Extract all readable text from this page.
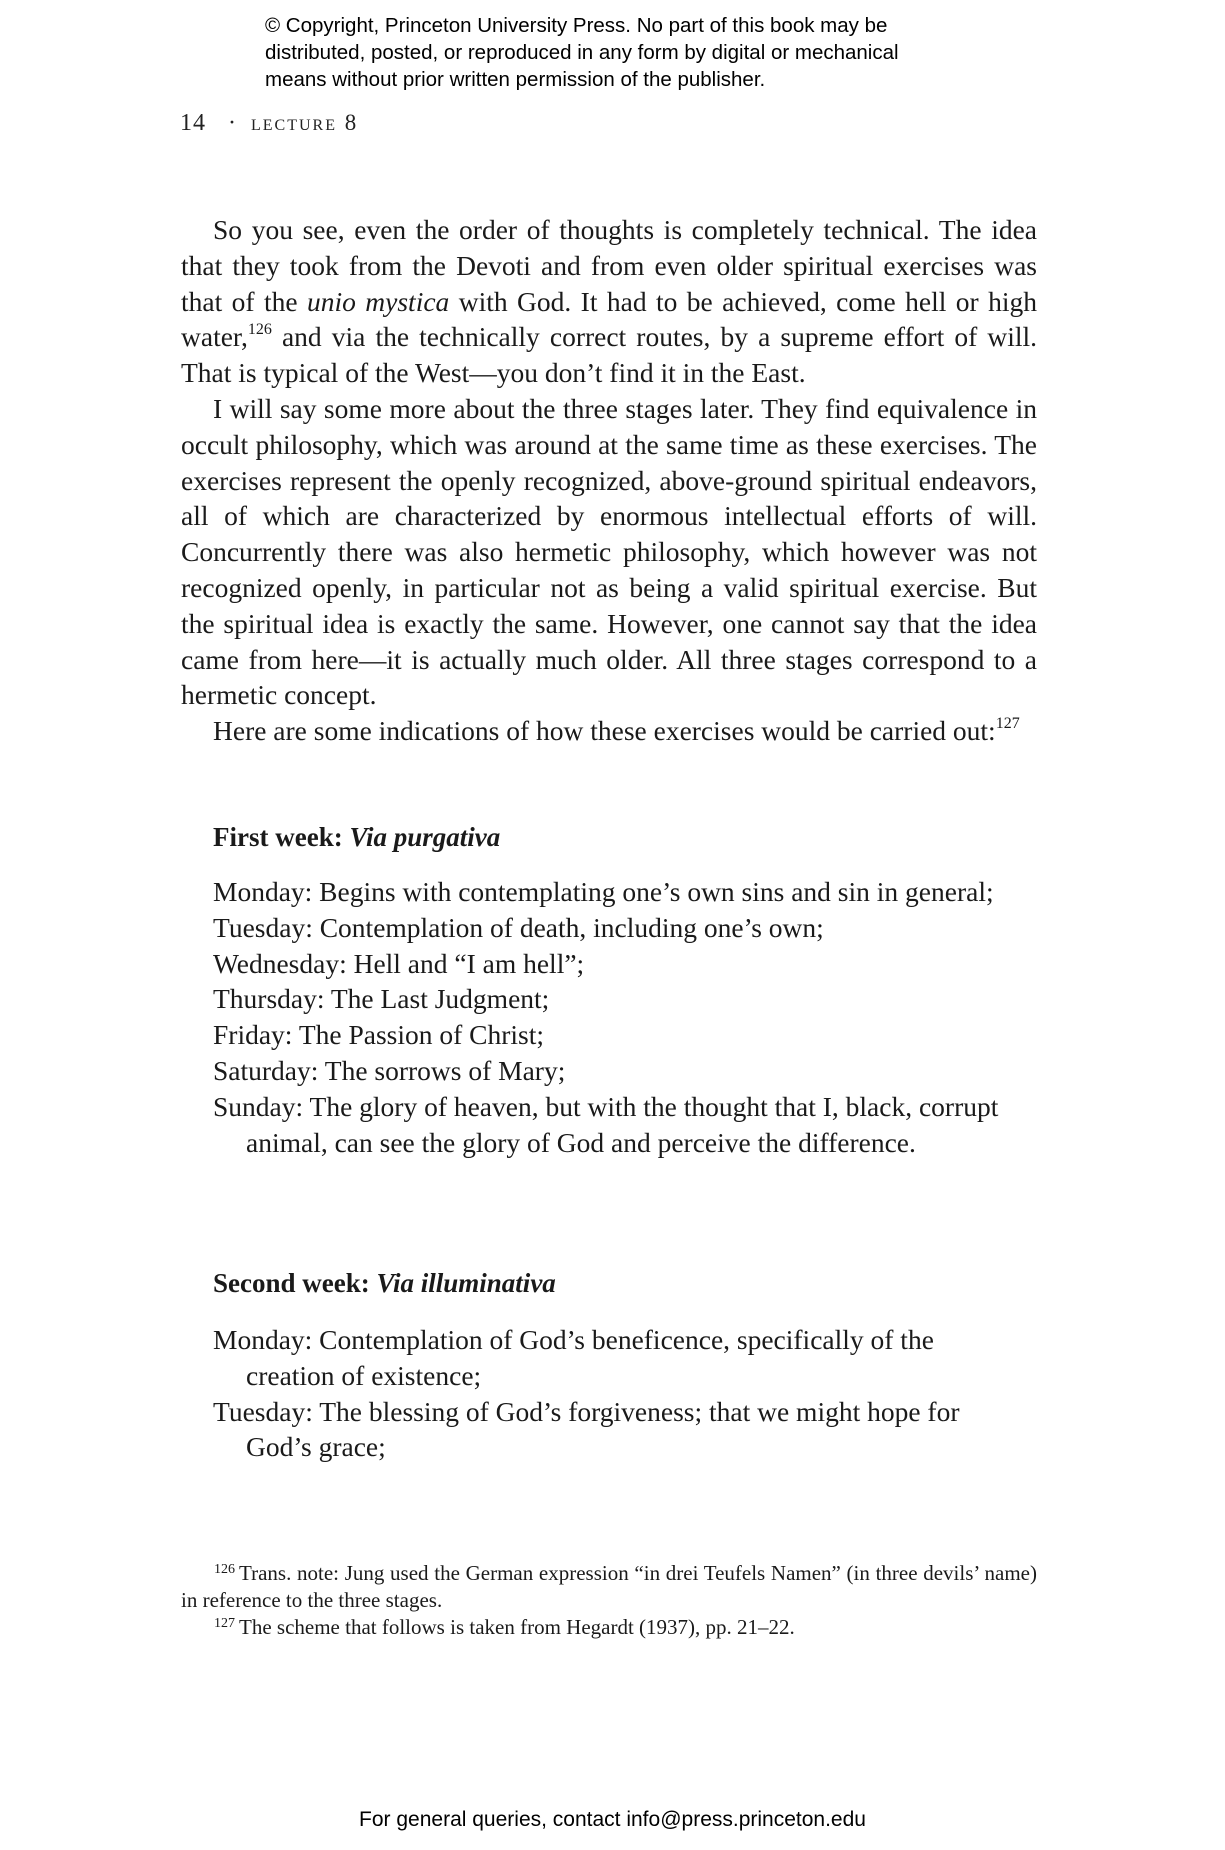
© Copyright, Princeton University Press. No part of this book may be
distributed, posted, or reproduced in any form by digital or mechanical
means without prior written permission of the publisher.
14 · lecture 8

So you see, even the order of thoughts is completely technical. The idea that they took from the Devoti and from even older spiritual exercises was that of the unio mystica with God. It had to be achieved, come hell or high water,$^{126}$ and via the technically correct routes, by a supreme effort of will. That is typical of the West—you don’t find it in the East.

I will say some more about the three stages later. They find equivalence in occult philosophy, which was around at the same time as these exercises. The exercises represent the openly recognized, above-ground spiritual endeavors, all of which are characterized by enormous intellectual efforts of will. Concurrently there was also hermetic philosophy, which however was not recognized openly, in particular not as being a valid spiritual exercise. But the spiritual idea is exactly the same. However, one cannot say that the idea came from here—it is actually much older. All three stages correspond to a hermetic concept.

Here are some indications of how these exercises would be carried out:$^{127}$

First week: Via purgativa
Monday: Begins with contemplating one’s own sins and sin in general;
Tuesday: Contemplation of death, including one’s own;
Wednesday: Hell and “I am hell”;
Thursday: The Last Judgment;
Friday: The Passion of Christ;
Saturday: The sorrows of Mary;
Sunday: The glory of heaven, but with the thought that I, black, corrupt animal, can see the glory of God and perceive the difference.
Second week: Via illuminativa
Monday: Contemplation of God’s beneficence, specifically of the creation of existence;
Tuesday: The blessing of God’s forgiveness; that we might hope for God’s grace;

$^{126}$ Trans. note: Jung used the German expression “in drei Teufels Namen” (in three devils’ name) in reference to the three stages.

$^{127}$ The scheme that follows is taken from Hegardt (1937), pp. 21–22.

For general queries, contact info@press.princeton.edu
